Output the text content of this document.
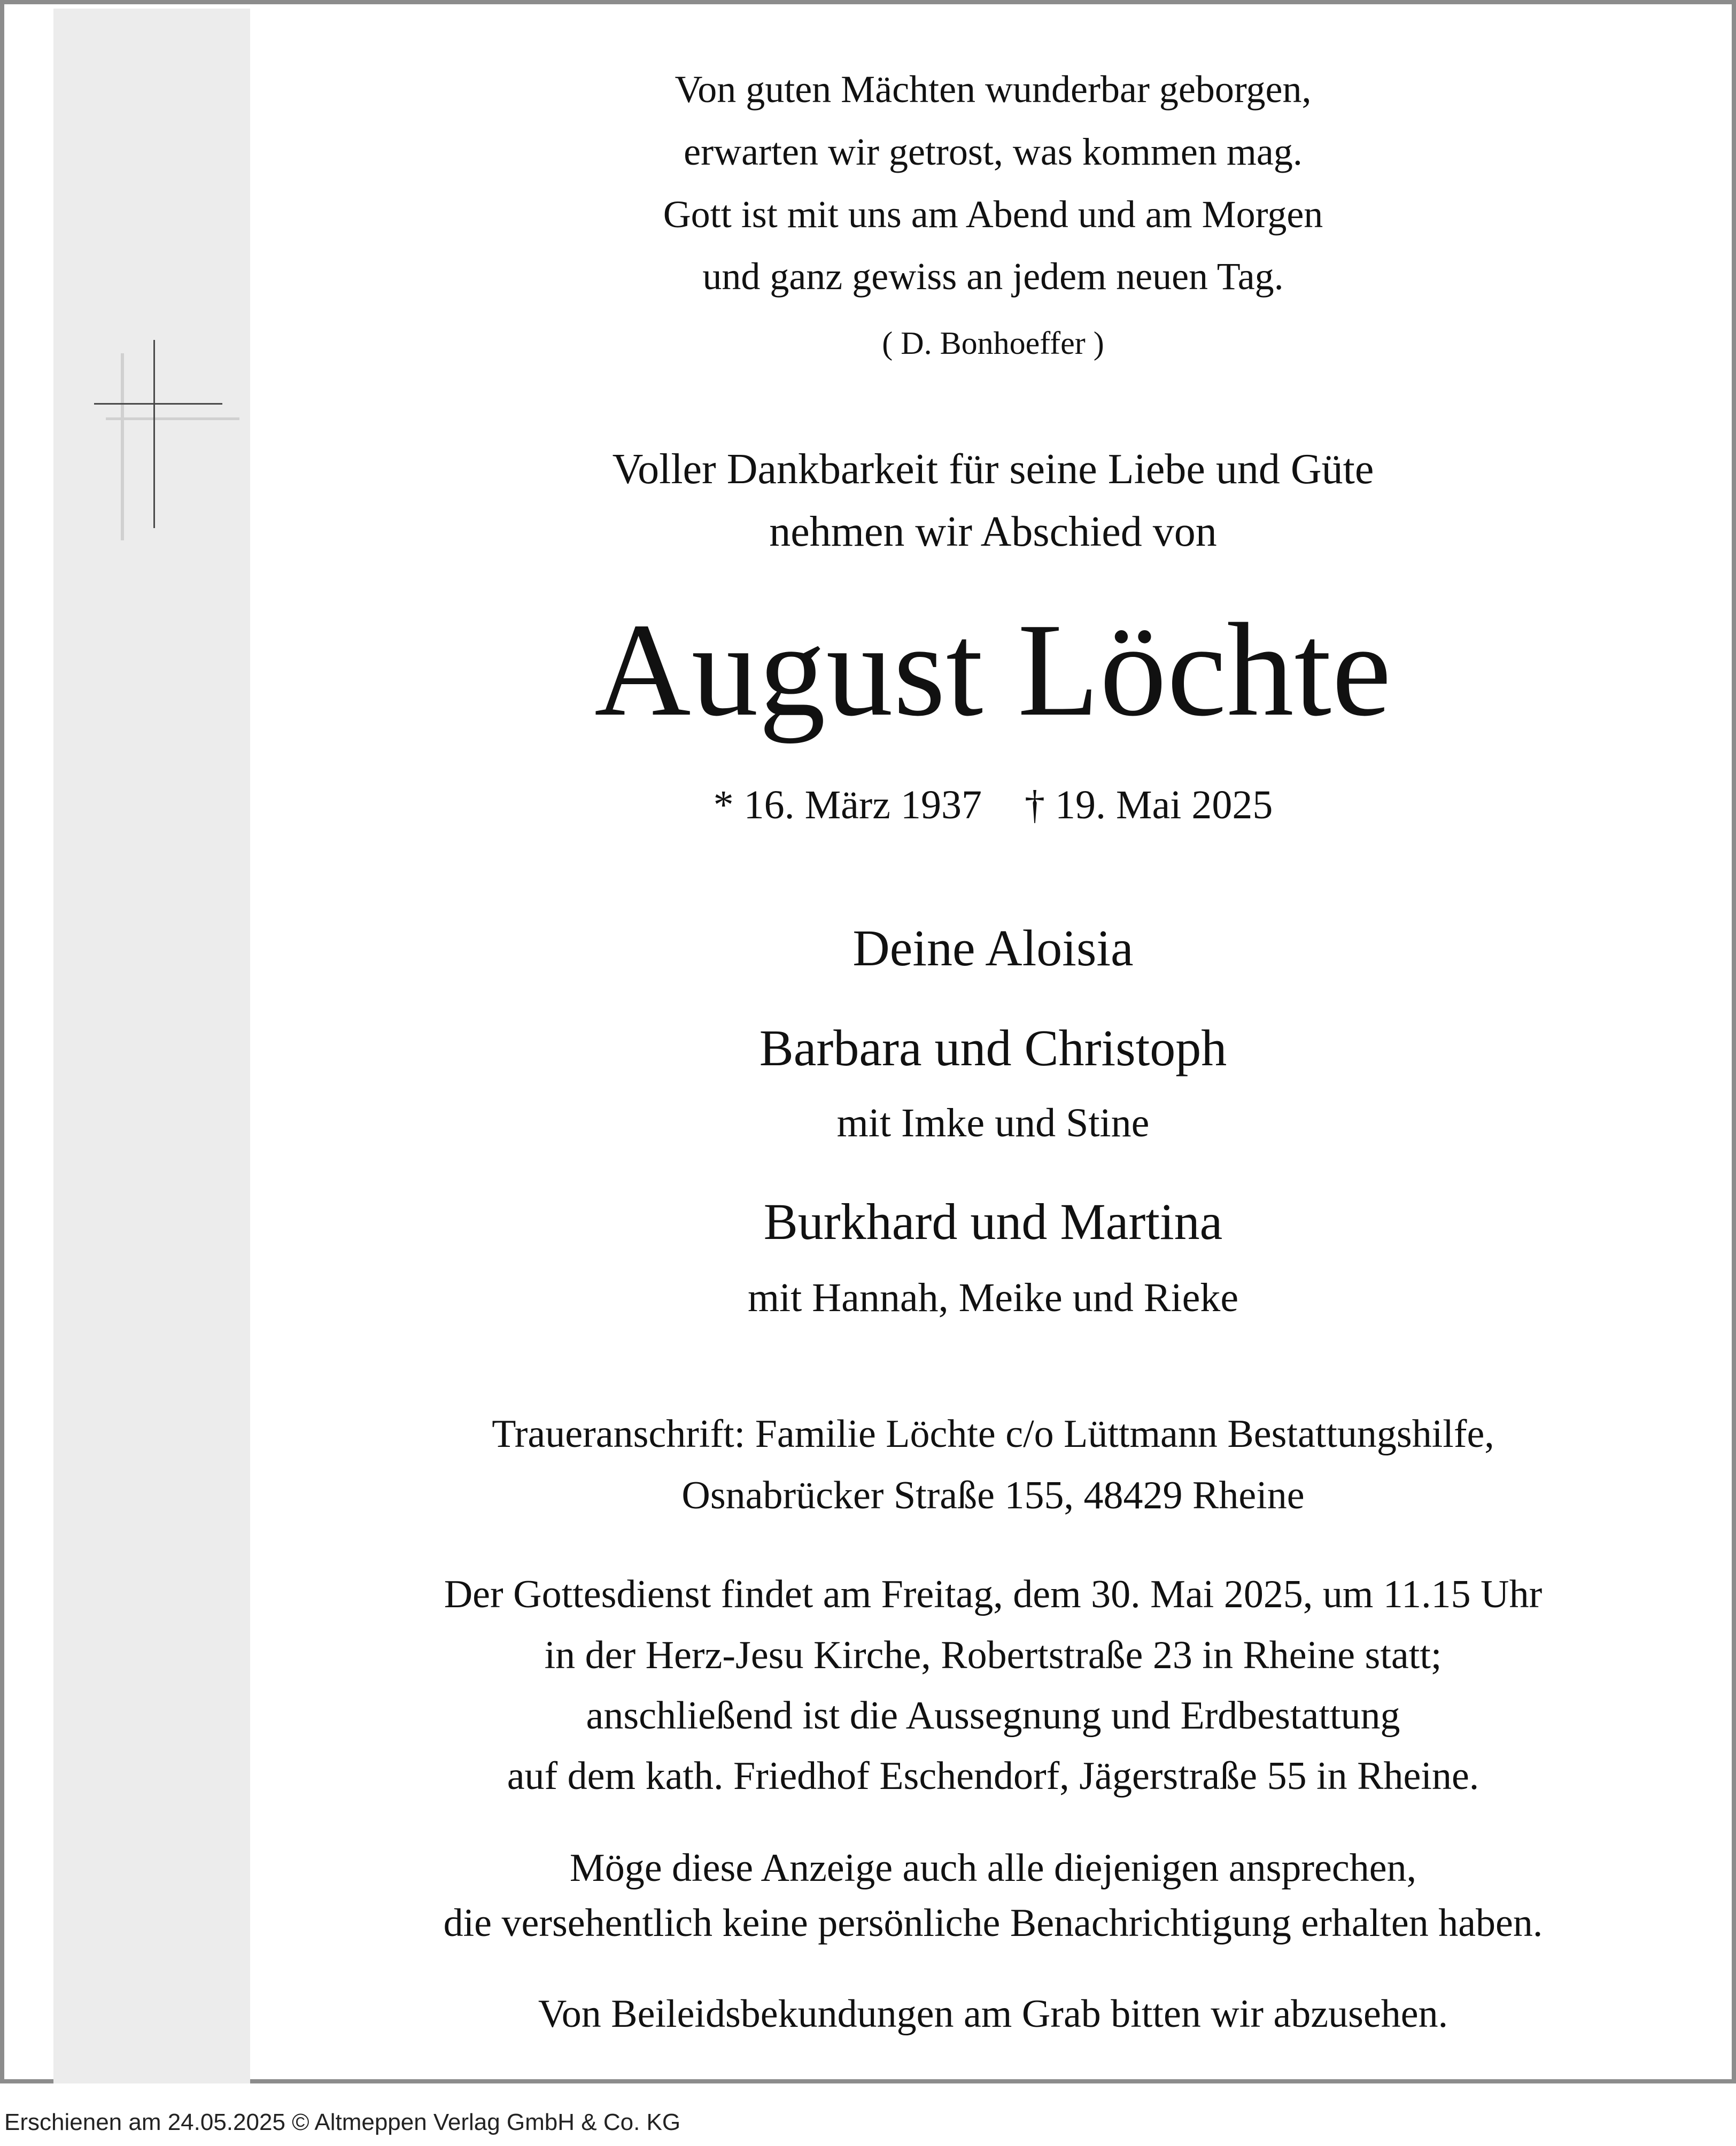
Von guten Mächten wunderbar geborgen,
erwarten wir getrost, was kommen mag.
Gott ist mit uns am Abend und am Morgen
und ganz gewiss an jedem neuen Tag.
( D. Bonhoeffer )
Voller Dankbarkeit für seine Liebe und Güte
nehmen wir Abschied von
August Löchte
* 16. März 1937 † 19. Mai 2025
Deine Aloisia
Barbara und Christoph
mit Imke und Stine
Burkhard und Martina
mit Hannah, Meike und Rieke
Traueranschrift: Familie Löchte c/o Lüttmann Bestattungshilfe,
Osnabrücker Straße 155, 48429 Rheine
Der Gottesdienst findet am Freitag, dem 30. Mai 2025, um 11.15 Uhr
in der Herz-Jesu Kirche, Robertstraße 23 in Rheine statt;
anschließend ist die Aussegnung und Erdbestattung
auf dem kath. Friedhof Eschendorf, Jägerstraße 55 in Rheine.
Möge diese Anzeige auch alle diejenigen ansprechen,
die versehentlich keine persönliche Benachrichtigung erhalten haben.
Von Beileidsbekundungen am Grab bitten wir abzusehen.
Erschienen am 24.05.2025 © Altmeppen Verlag GmbH & Co. KG
